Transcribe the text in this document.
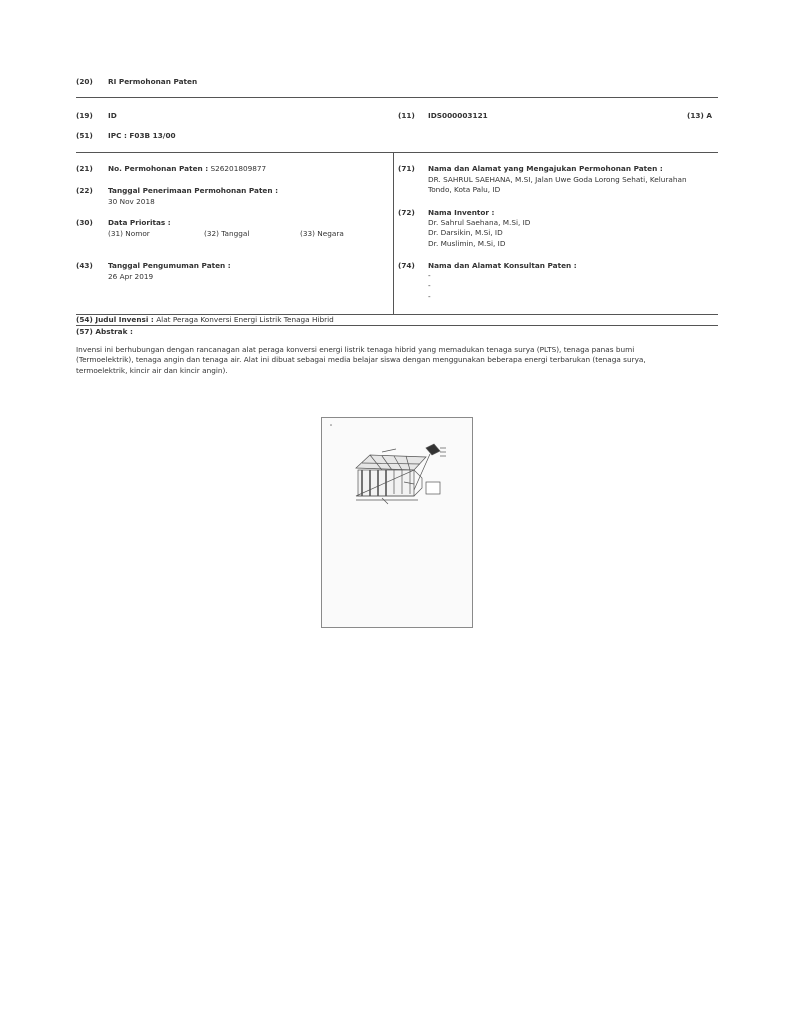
(20) RI Permohonan Paten
(19) ID	(11) IDS000003121	(13) A
(51) IPC : F03B 13/00
(21) No. Permohonan Paten : S26201809877
(22) Tanggal Penerimaan Permohonan Paten :
30 Nov 2018
(30) Data Prioritas :
(31) Nomor	(32) Tanggal	(33) Negara
(43) Tanggal Pengumuman Paten :
26 Apr 2019
(71) Nama dan Alamat yang Mengajukan Permohonan Paten :
DR. SAHRUL SAEHANA, M.SI, Jalan Uwe Goda Lorong Sehati, Kelurahan
Tondo, Kota Palu, ID
(72) Nama Inventor :
Dr. Sahrul Saehana, M.Si, ID
Dr. Darsikin, M.Si, ID
Dr. Muslimin, M.Si, ID
(74) Nama dan Alamat Konsultan Paten :
-
-
-
(54) Judul Invensi : Alat Peraga Konversi Energi Listrik Tenaga Hibrid
(57) Abstrak :
Invensi ini berhubungan dengan rancanagan alat peraga konversi energi listrik tenaga hibrid yang memadukan tenaga surya (PLTS), tenaga panas bumi
(Termoelektrik), tenaga angin dan tenaga air. Alat ini dibuat sebagai media belajar siswa dengan menggunakan beberapa energi terbarukan (tenaga surya,
termoelektrik, kincir air dan kincir angin).
